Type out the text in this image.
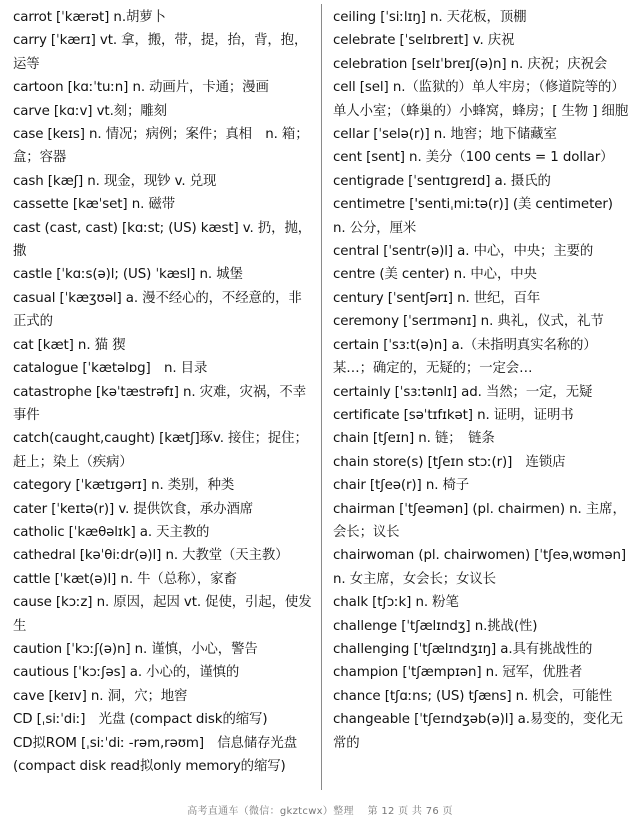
carrot [ˈkærət] n.胡萝卜
carry [ˈkærɪ] vt. 拿，搬，带，提，抬，背，抱，运等
cartoon [kɑːˈtuːn] n. 动画片，卡通；漫画
carve [kɑːv] vt.刻；雕刻
case [keɪs] n. 情况；病例；案件；真相　n. 箱；盒；容器
cash [kæʃ] n. 现金，现钞 v. 兑现
cassette [kæˈset] n. 磁带
cast (cast, cast) [kɑːst; (US) kæst] v. 扔，抛，撒
castle [ˈkɑːs(ə)l; (US) ˈkæsl] n. 城堡
casual [ˈkæʒʊəl] a. 漫不经心的，不经意的，非正式的
cat [kæt] n. 猫 猰
catalogue [ˈkætəlɒg]　n. 目录
catastrophe [kəˈtæstrəfɪ] n. 灾难，灾祸，不幸事件
catch(caught,caught) [kætʃ]琢v. 接住；捉住；赶上；染上（疾病）
category [ˈkætɪgərɪ] n. 类别，种类
cater [ˈkeɪtə(r)] v. 提供饮食，承办酒席
catholic [ˈkæθəlɪk] a. 天主教的
cathedral [kəˈθiːdr(ə)l] n. 大教堂（天主教）
cattle [ˈkæt(ə)l] n. 牛（总称），家畜
cause [kɔːz] n. 原因，起因 vt. 促使，引起，使发生
caution [ˈkɔːʃ(ə)n] n. 谨慎，小心，警告
cautious [ˈkɔːʃəs] a. 小心的，谨慎的
cave [keɪv] n. 洞，穴；地窖
CD [ˌsiːˈdiː]　光盘 (compact disk的缩写)
CD拟ROM [ˌsiːˈdiː -rəm,rəʊm]　信息储存光盘(compact disk read拟only memory的缩写)
ceiling [ˈsiːlɪŋ] n. 天花板，顶棚
celebrate [ˈselɪbreɪt] v. 庆祝
celebration [selɪˈbreɪʃ(ə)n] n. 庆祝；庆祝会
cell [sel] n.（监狱的）单人牢房；（修道院等的）单人小室；（蜂巢的）小蜂窝，蜂房；[ 生物 ] 细胞
cellar [ˈselə(r)] n. 地窖；地下储藏室
cent [sent] n. 美分（100 cents = 1 dollar）
centigrade [ˈsentɪgreɪd] a. 摄氏的
centimetre ['sentiˌmiːtə(r)] (美 centimeter) n. 公分，厘米
central [ˈsentr(ə)l] a. 中心，中央；主要的
centre (美 center) n. 中心，中央
century [ˈsentʃərɪ] n. 世纪，百年
ceremony [ˈserɪmənɪ] n. 典礼，仪式，礼节
certain [ˈsɜːt(ə)n] a.（未指明真实名称的）某…；确定的，无疑的；一定会…
certainly [ˈsɜːtənlɪ] ad. 当然；一定，无疑
certificate [səˈtɪfɪkət] n. 证明，证明书
chain [tʃeɪn] n. 链；　链条
chain store(s) [tʃeɪn stɔː(r)]　连锁店
chair [tʃeə(r)] n. 椅子
chairman [ˈtʃeəmən] (pl. chairmen) n. 主席，会长；议长
chairwoman (pl. chairwomen) [ˈtʃeəˌwʊmən] n. 女主席，女会长；女议长
chalk [tʃɔːk] n. 粉笔
challenge [ˈtʃælɪndʒ] n.挑战(性)
challenging [ˈtʃælɪndʒɪŋ] a.具有挑战性的
champion [ˈtʃæmpɪən] n. 冠军，优胜者
chance [tʃɑːns; (US) tʃæns] n. 机会，可能性
changeable [ˈtʃeɪndʒəb(ə)l] a.易变的，变化无常的
高考直通车（微信：gkztcwx）整理　 第 12 页 共 76 页
